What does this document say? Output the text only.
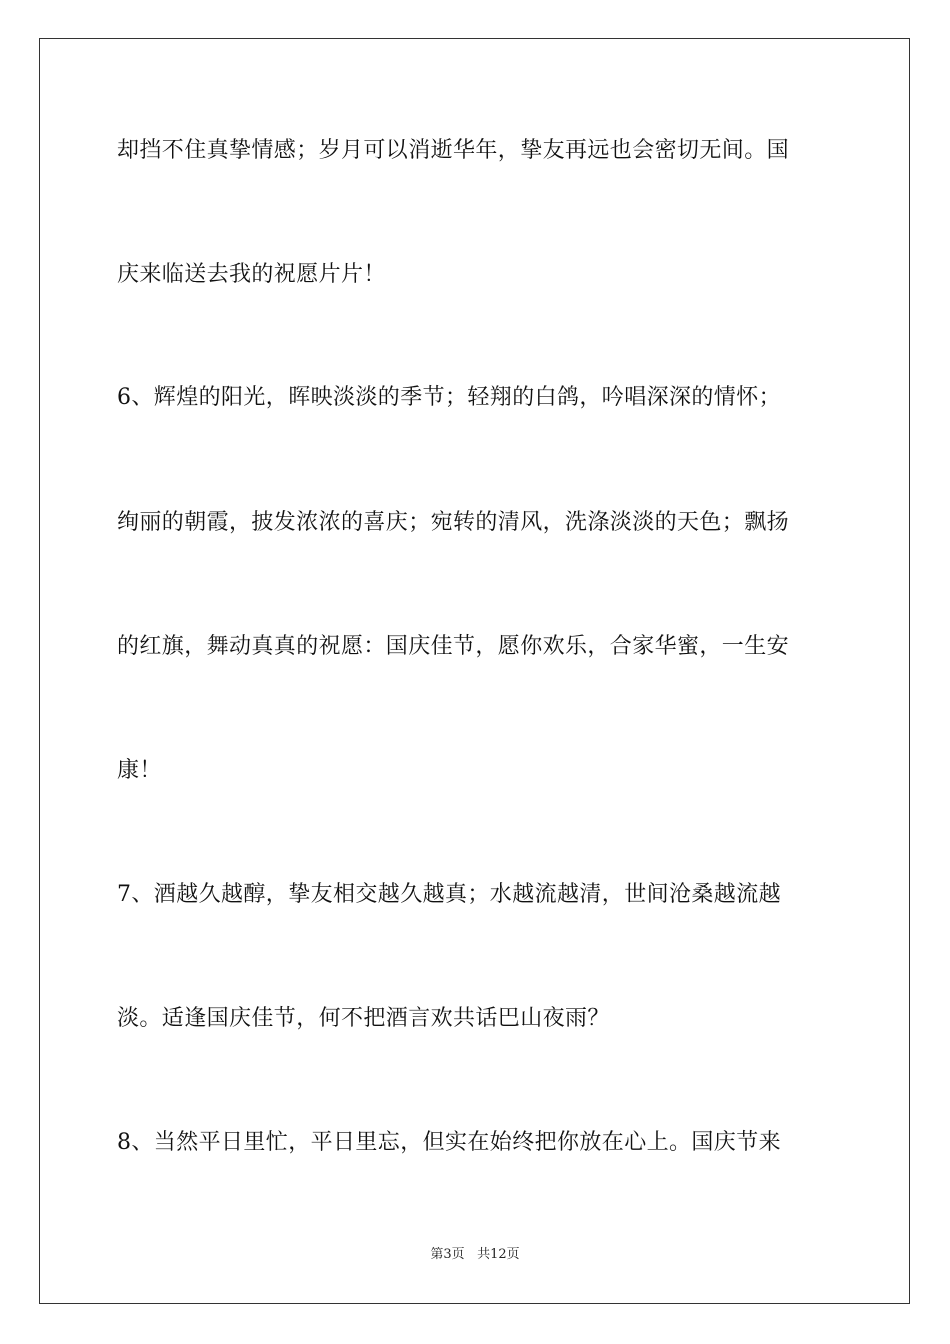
却挡不住真挚情感；岁月可以消逝华年，挚友再远也会密切无间。国
庆来临送去我的祝愿片片！
6、辉煌的阳光，晖映淡淡的季节；轻翔的白鸽，吟唱深深的情怀；
绚丽的朝霞，披发浓浓的喜庆；宛转的清风，洗涤淡淡的天色；飘扬
的红旗，舞动真真的祝愿：国庆佳节，愿你欢乐，合家华蜜，一生安
康！
7、酒越久越醇，挚友相交越久越真；水越流越清，世间沧桑越流越
淡。适逢国庆佳节，何不把酒言欢共话巴山夜雨？
8、当然平日里忙，平日里忘，但实在始终把你放在心上。国庆节来
第3页 共12页
